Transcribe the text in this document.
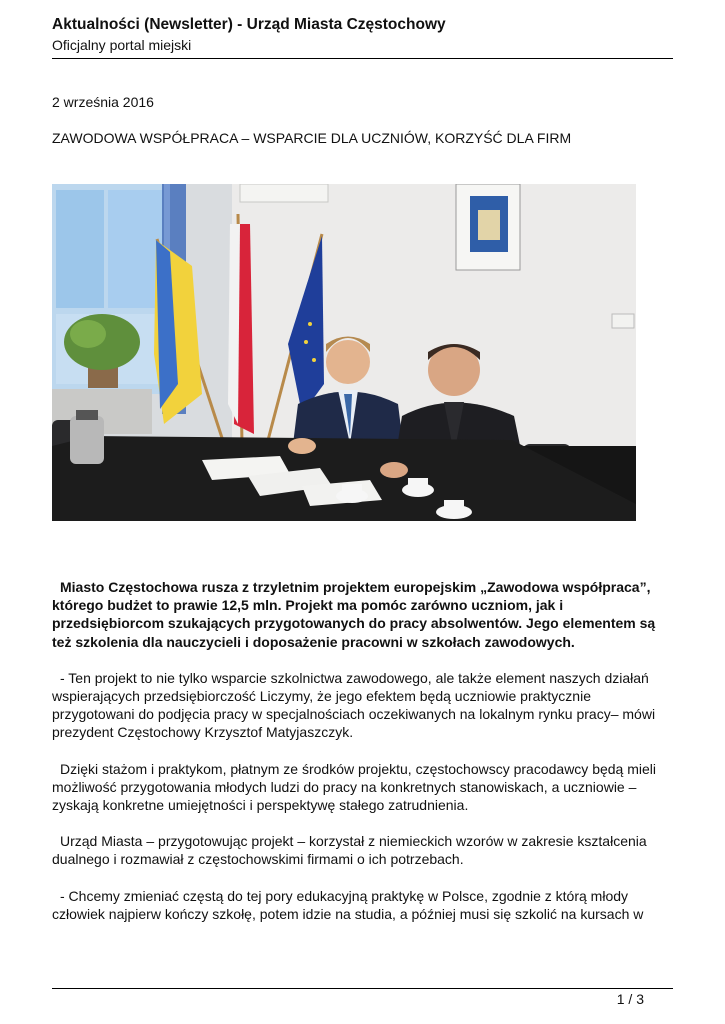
Aktualności (Newsletter) - Urząd Miasta Częstochowy
Oficjalny portal miejski
2 września 2016
ZAWODOWA WSPÓŁPRACA – WSPARCIE DLA UCZNIÓW, KORZYŚĆ DLA FIRM

Miasto Częstochowa rusza z trzyletnim projektem europejskim „Zawodowa współpraca”, którego budżet to prawie 12,5 mln. Projekt ma pomóc zarówno uczniom, jak i przedsiębiorcom szukających przygotowanych do pracy absolwentów. Jego elementem są też szkolenia dla nauczycieli i doposażenie pracowni w szkołach zawodowych.

- Ten projekt to nie tylko wsparcie szkolnictwa zawodowego, ale także element naszych działań wspierających przedsiębiorczość Liczymy, że jego efektem będą uczniowie praktycznie przygotowani do podjęcia pracy w specjalnościach oczekiwanych na lokalnym rynku pracy– mówi prezydent Częstochowy Krzysztof Matyjaszczyk.

Dzięki stażom i praktykom, płatnym ze środków projektu, częstochowscy pracodawcy będą mieli możliwość przygotowania młodych ludzi do pracy na konkretnych stanowiskach, a uczniowie – zyskają konkretne umiejętności i perspektywę stałego zatrudnienia.

Urząd Miasta – przygotowując projekt – korzystał z niemieckich wzorów w zakresie kształcenia dualnego i rozmawiał z częstochowskimi firmami o ich potrzebach.

- Chcemy zmieniać częstą do tej pory edukacyjną praktykę w Polsce, zgodnie z którą młody człowiek najpierw kończy szkołę, potem idzie na studia, a później musi się szkolić na kursach w

1 / 3
